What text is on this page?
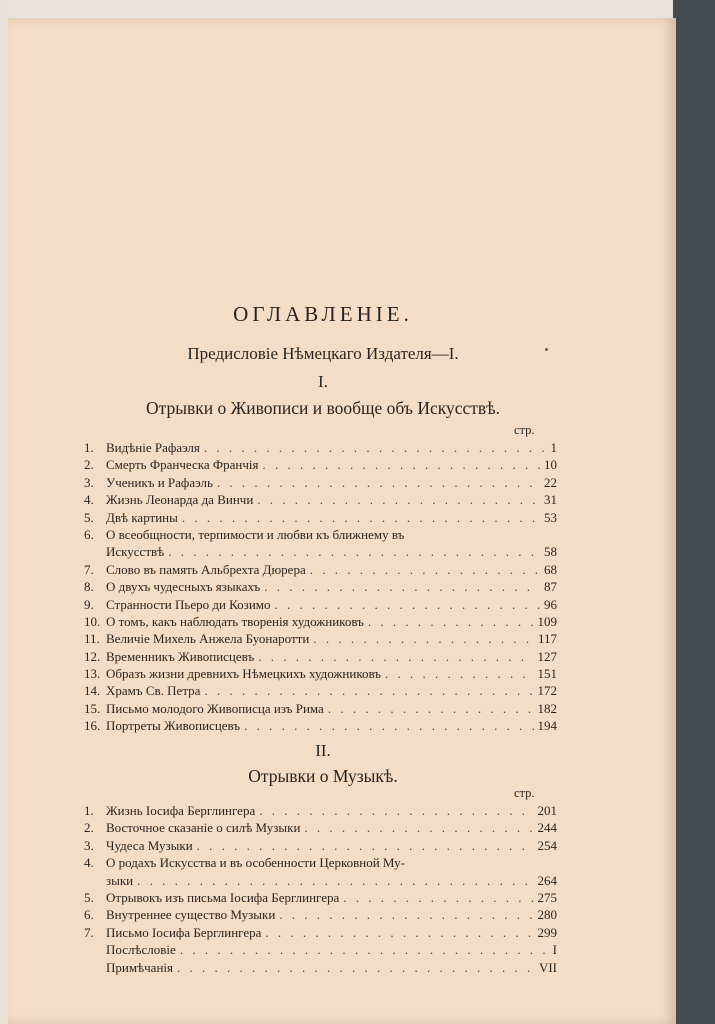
ОГЛАВЛЕНІЕ.
Предисловіе Нѣмецкаго Издателя—I.
I.
Отрывки о Живописи и вообще объ Искусствѣ.
стр.
1. Видѣніе Рафаэля . . .	1
2. Смерть Франческа Франчія . . .	10
3. Ученикъ и Рафаэль . . .	22
4. Жизнь Леонарда да Винчи . . .	31
5. Двѣ картины . . .	53
6. О всеобщности, терпимости и любви къ ближнему въ
Искусствѣ . . .	58
7. Слово въ память Альбрехта Дюрера . . .	68
8. О двухъ чудесныхъ языкахъ . . .	87
9. Странности Пьеро ди Козимо . . .	96
10. О томъ, какъ наблюдать творенія художниковъ . . .	109
11. Величіе Михель Анжела Буонаротти . . .	117
12. Временникъ Живописцевъ . . .	127
13. Образъ жизни древнихъ Нѣмецкихъ художниковъ . . .	151
14. Храмъ Св. Петра . . .	172
15. Письмо молодого Живописца изъ Рима . . .	182
16. Портреты Живописцевъ . . .	194
II.
Отрывки о Музыкѣ.
стр.
1. Жизнь Іосифа Берглингера . . .	201
2. Восточное сказаніе о силѣ Музыки . . .	244
3. Чудеса Музыки . . .	254
4. О родахъ Искусства и въ особенности Церковной Му-
зыки . . .	264
5. Отрывокъ изъ письма Іосифа Берглингера . . .	275
6. Внутреннее существо Музыки . . .	280
7. Письмо Іосифа Берглингера . . .	299
Послѣсловіе . . .	I
Примѣчанія . . .	VII
